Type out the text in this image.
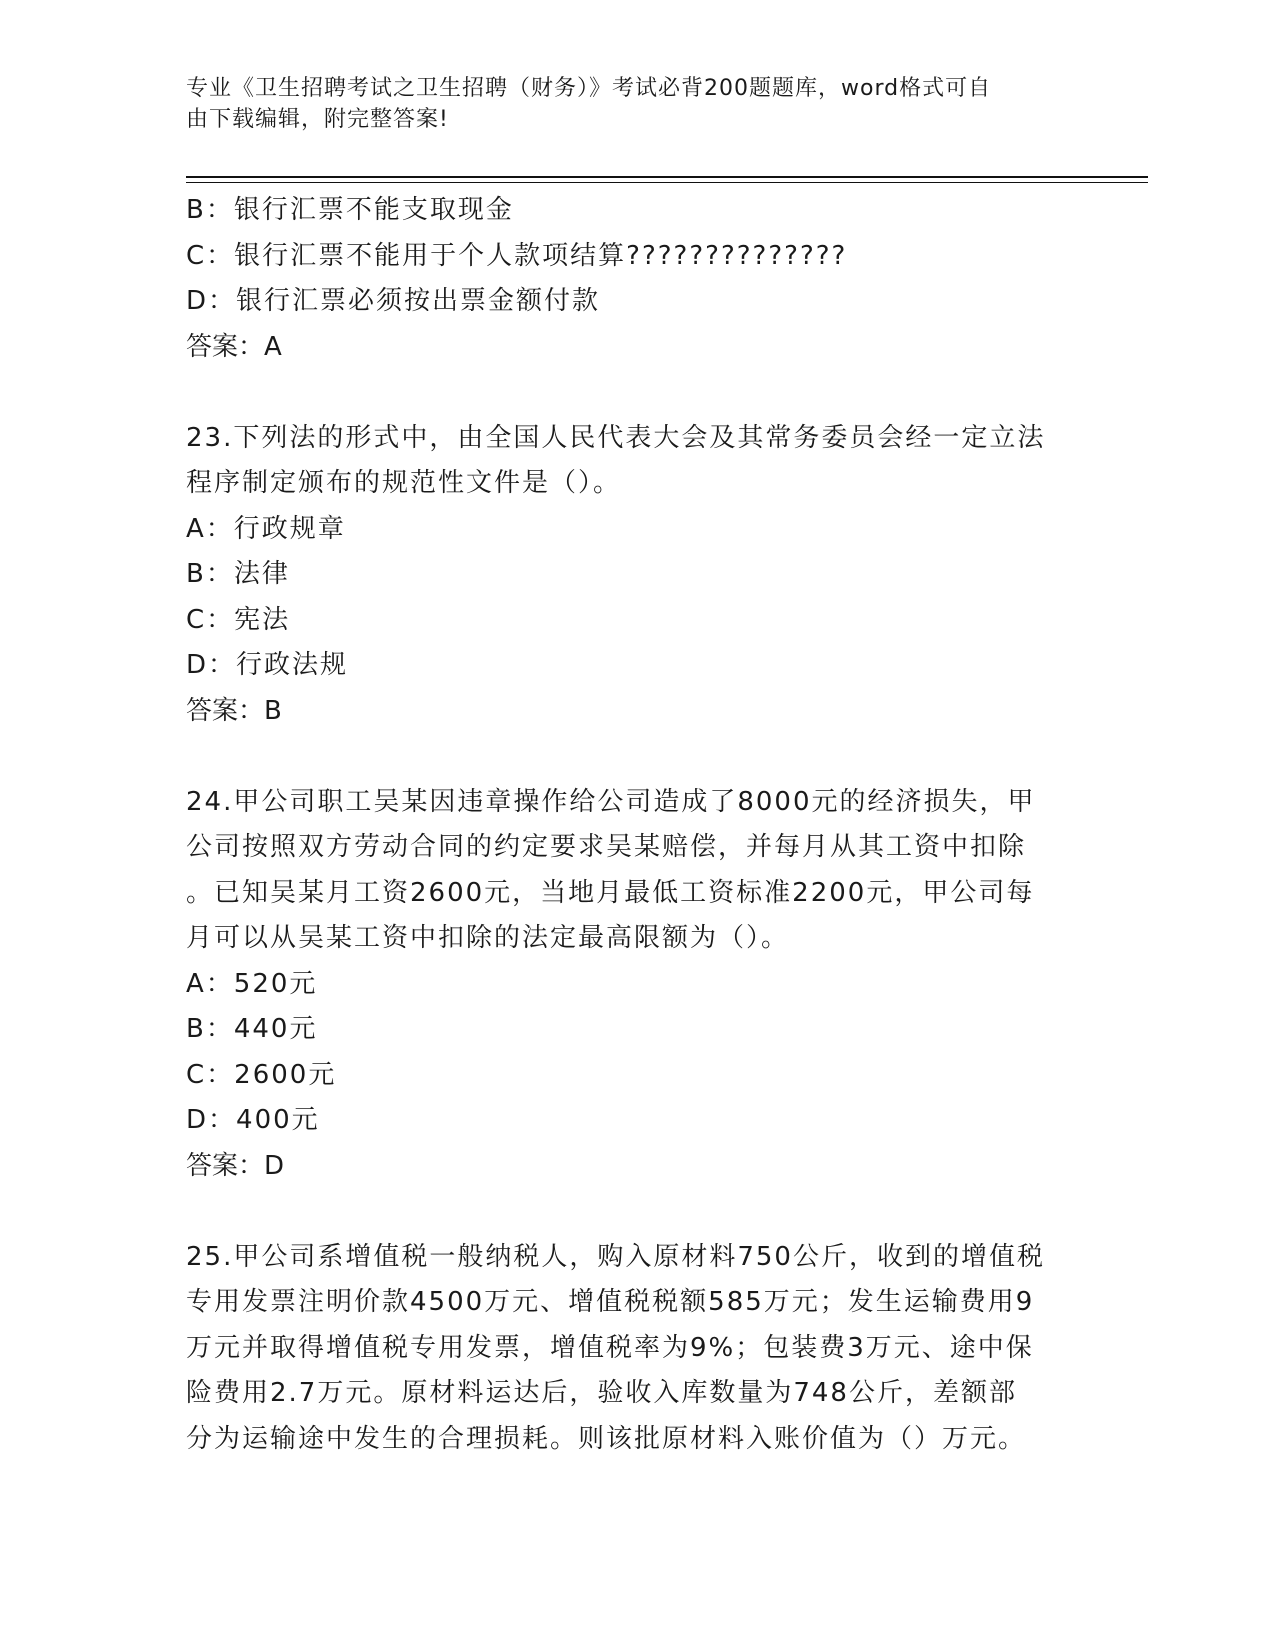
专业《卫生招聘考试之卫生招聘（财务）》考试必背200题题库，word格式可自
由下载编辑，附完整答案!
B：银行汇票不能支取现金
C：银行汇票不能用于个人款项结算??????????????
D：银行汇票必须按出票金额付款
答案：A
23.下列法的形式中，由全国人民代表大会及其常务委员会经一定立法
程序制定颁布的规范性文件是（）。
A：行政规章
B：法律
C：宪法
D：行政法规
答案：B
24.甲公司职工吴某因违章操作给公司造成了8000元的经济损失，甲
公司按照双方劳动合同的约定要求吴某赔偿，并每月从其工资中扣除
。已知吴某月工资2600元，当地月最低工资标准2200元，甲公司每
月可以从吴某工资中扣除的法定最高限额为（）。
A：520元
B：440元
C：2600元
D：400元
答案：D
25.甲公司系增值税一般纳税人，购入原材料750公斤，收到的增值税
专用发票注明价款4500万元、增值税税额585万元；发生运输费用9
万元并取得增值税专用发票，增值税率为9%；包装费3万元、途中保
险费用2.7万元。原材料运达后，验收入库数量为748公斤，差额部
分为运输途中发生的合理损耗。则该批原材料入账价值为（）万元。
